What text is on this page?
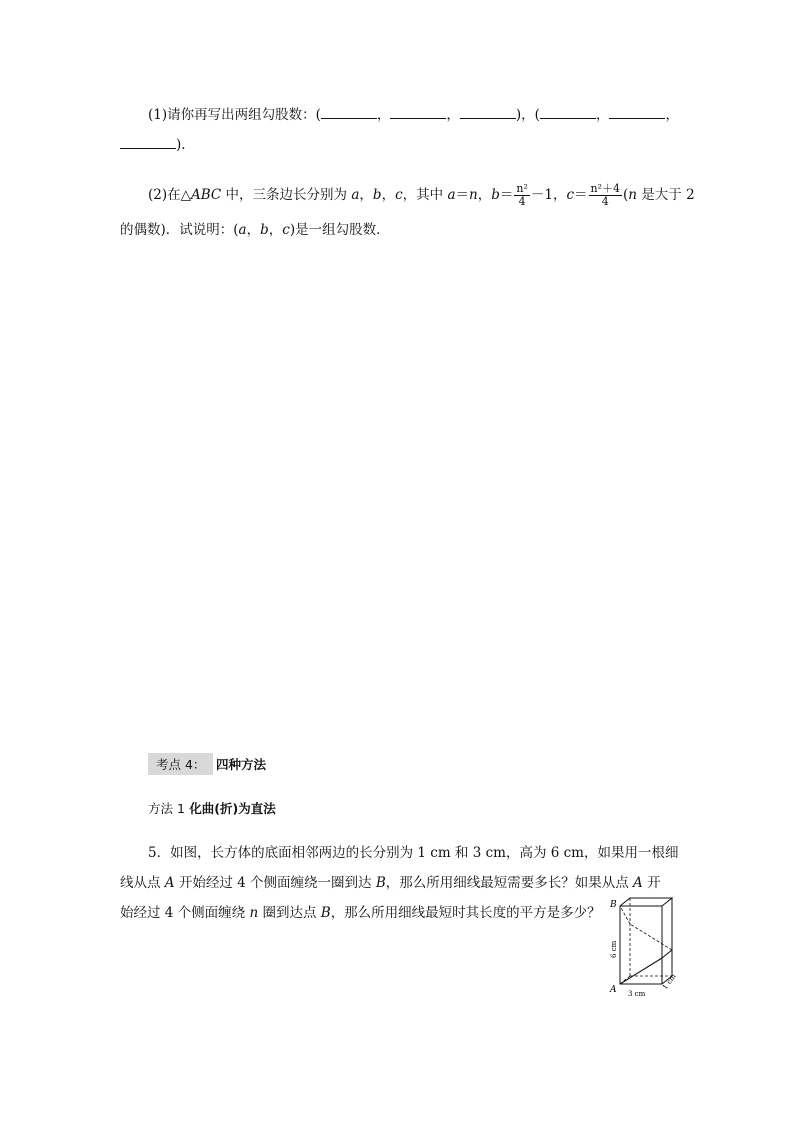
(1)请你再写出两组勾股数：(	，	，	)，(	，	，
).
(2)在△ABC 中，三条边长分别为 a，b，c，其中 a＝n，$b= \frac{\text{n²}}{4} -1$，$c= \frac{\text{n²＋4}}{4} (n$ 是大于 2
的偶数)．试说明：(a，b，c)是一组勾股数．
考点 4： 四种方法
方法 1 化曲(折)为直法
5．如图，长方体的底面相邻两边的长分别为 1 cm 和 3 cm，高为 6 cm，如果用一根细
线从点 A 开始经过 4 个侧面缠绕一圈到达 B，那么所用细线最短需要多长？如果从点 A 开
始经过 4 个侧面缠绕 n 圈到达点 B，那么所用细线最短时其长度的平方是多少？ B
A
6 cm
3 cm
1 cm
